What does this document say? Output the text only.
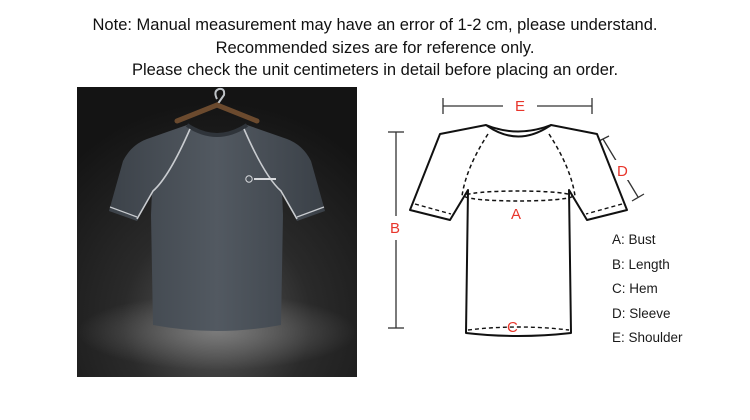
Note: Manual measurement may have an error of 1-2 cm, please understand.
Recommended sizes are for reference only.
Please check the unit centimeters in detail before placing an order.
E
B
D
A
C
A: Bust
B: Length
C: Hem
D: Sleeve
E: Shoulder
